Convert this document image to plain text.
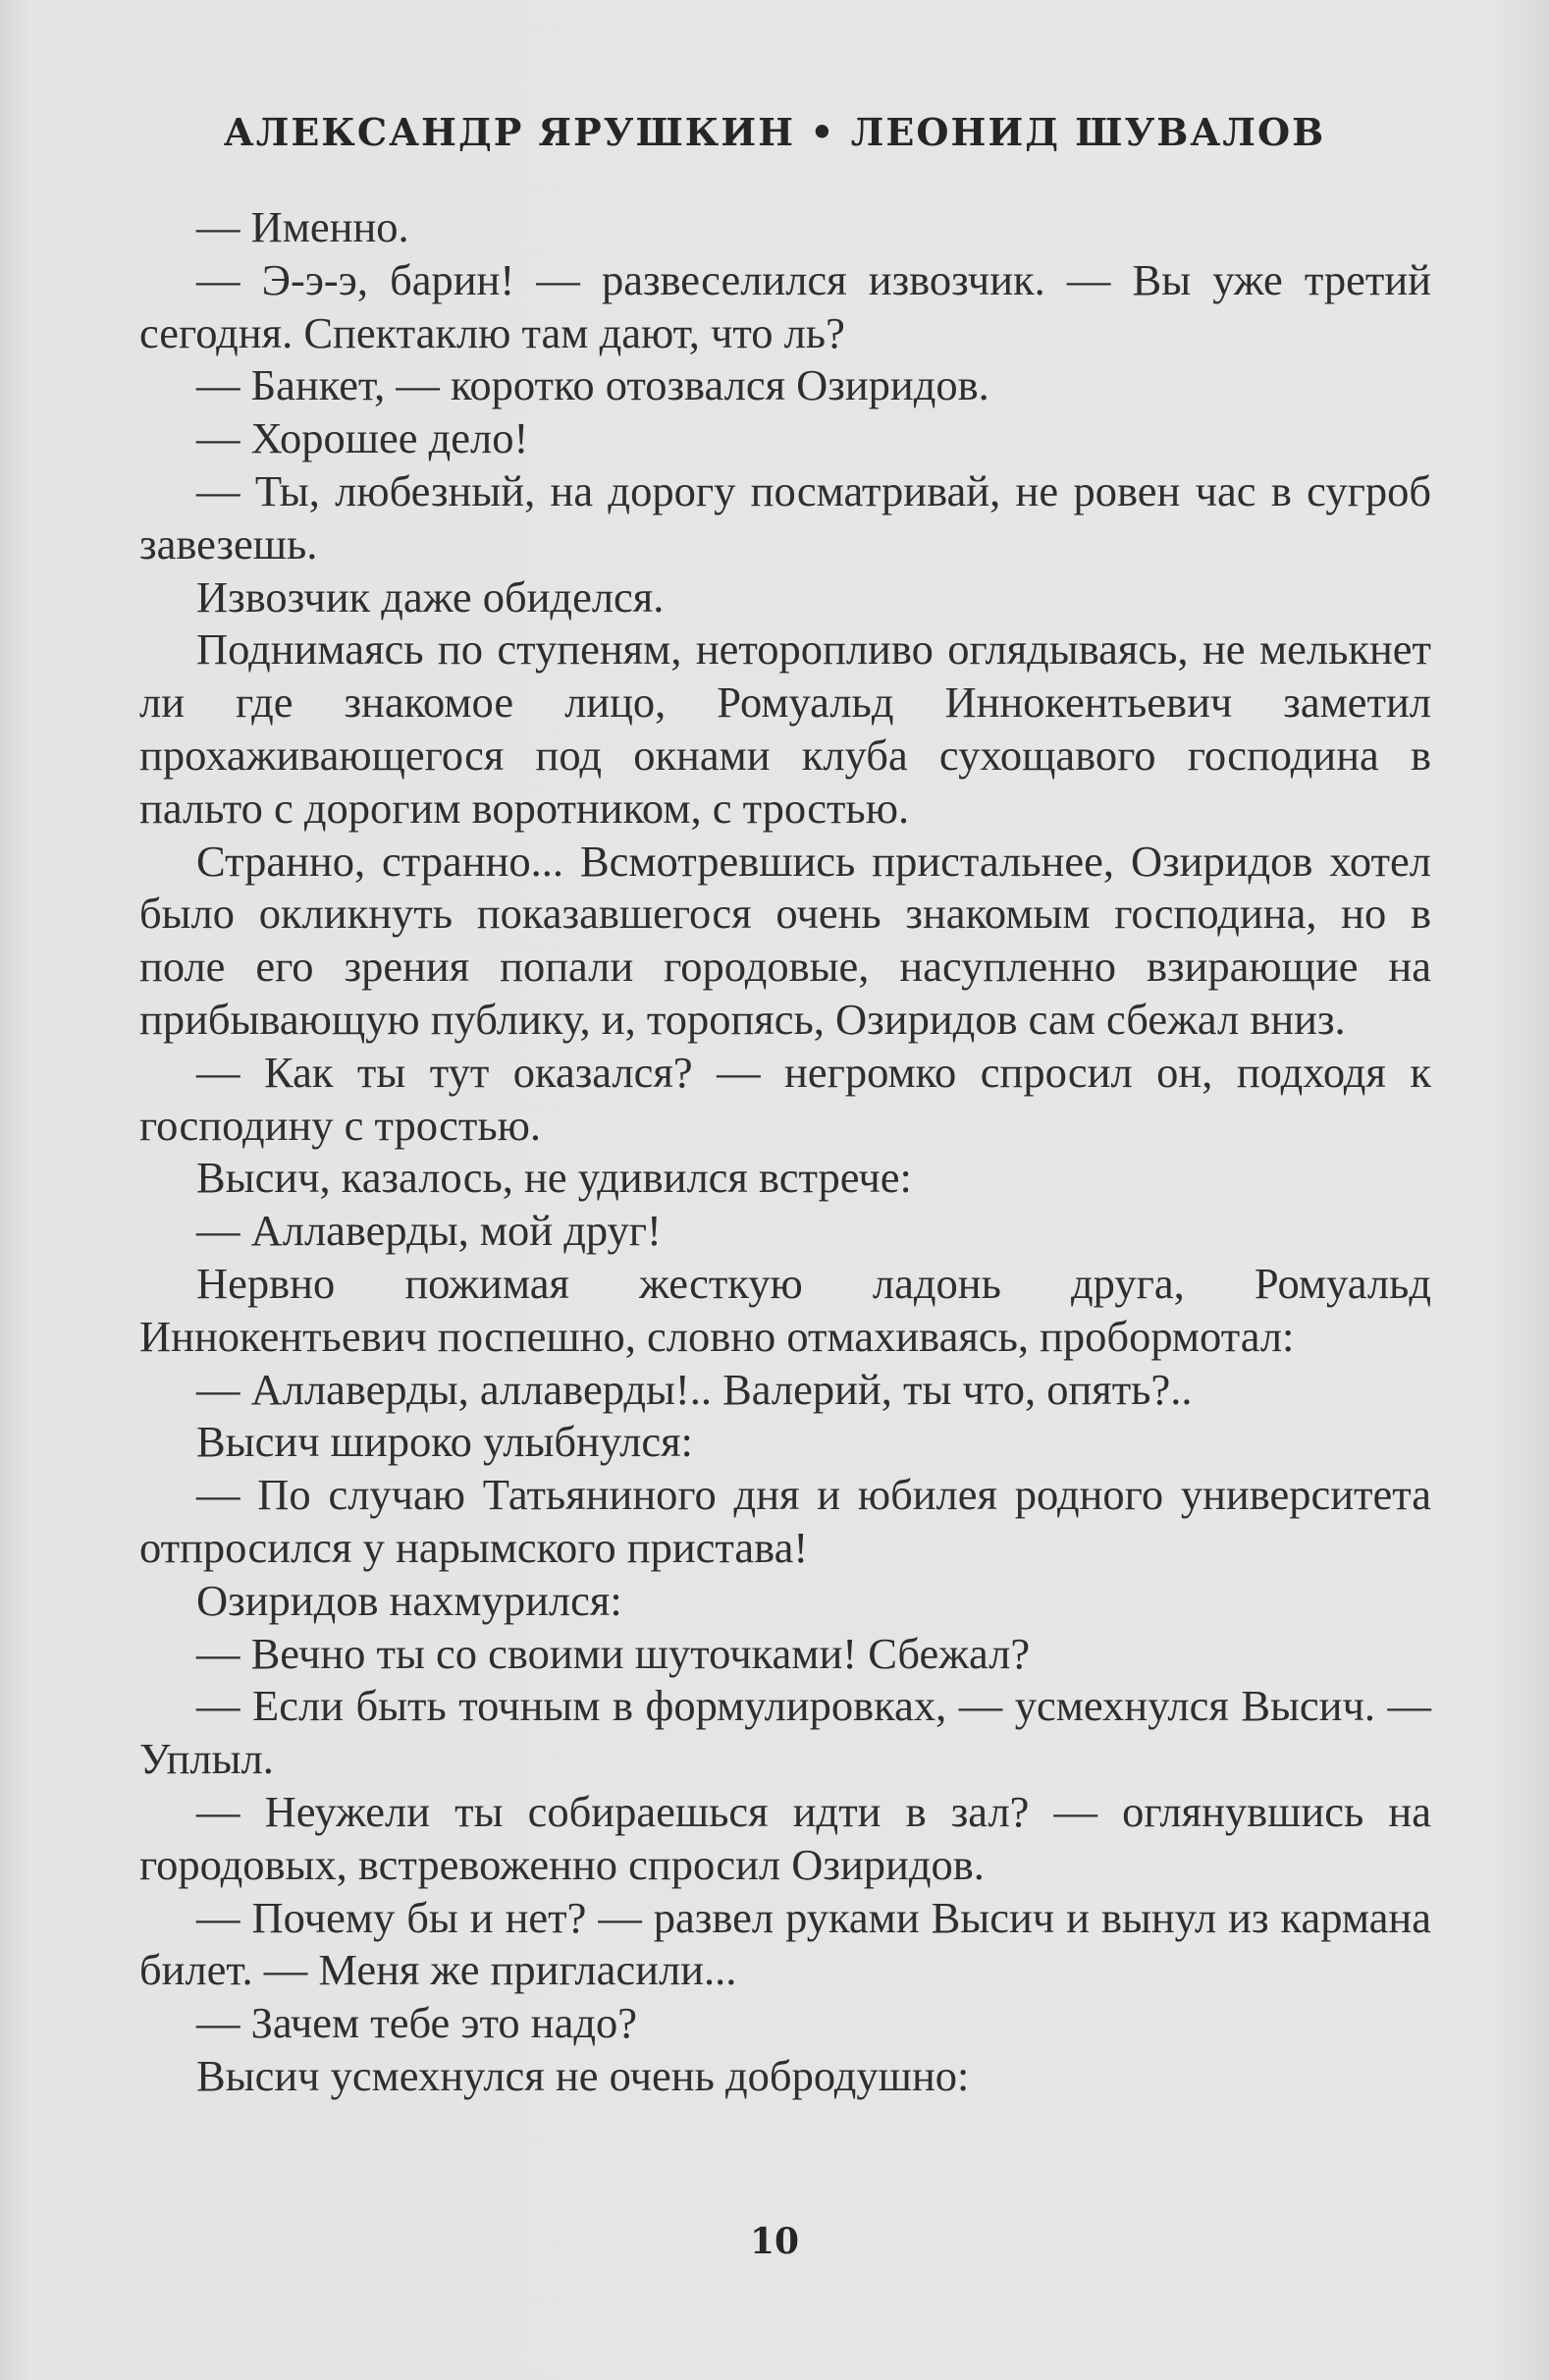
АЛЕКСАНДР ЯРУШКИН • ЛЕОНИД ШУВАЛОВ

— Именно.

— Э-э-э, барин! — развеселился извозчик. — Вы уже третий сегодня. Спектаклю там дают, что ль?

— Банкет, — коротко отозвался Озиридов.

— Хорошее дело!

— Ты, любезный, на дорогу посматривай, не ровен час в сугроб завезешь.

Извозчик даже обиделся.

Поднимаясь по ступеням, неторопливо оглядываясь, не мелькнет ли где знакомое лицо, Ромуальд Иннокентьевич заметил прохаживающегося под окнами клуба сухощавого господина в пальто с дорогим воротником, с тростью.

Странно, странно... Всмотревшись пристальнее, Озиридов хотел было окликнуть показавшегося очень знакомым господина, но в поле его зрения попали городовые, насупленно взирающие на прибывающую публику, и, торопясь, Озиридов сам сбежал вниз.

— Как ты тут оказался? — негромко спросил он, подходя к господину с тростью.

Высич, казалось, не удивился встрече:

— Аллаверды, мой друг!

Нервно пожимая жесткую ладонь друга, Ромуальд Иннокентьевич поспешно, словно отмахиваясь, пробормотал:

— Аллаверды, аллаверды!.. Валерий, ты что, опять?..

Высич широко улыбнулся:

— По случаю Татьяниного дня и юбилея родного университета отпросился у нарымского пристава!

Озиридов нахмурился:

— Вечно ты со своими шуточками! Сбежал?

— Если быть точным в формулировках, — усмехнулся Высич. — Уплыл.

— Неужели ты собираешься идти в зал? — оглянувшись на городовых, встревоженно спросил Озиридов.

— Почему бы и нет? — развел руками Высич и вынул из кармана билет. — Меня же пригласили...

— Зачем тебе это надо?

Высич усмехнулся не очень добродушно:

10
